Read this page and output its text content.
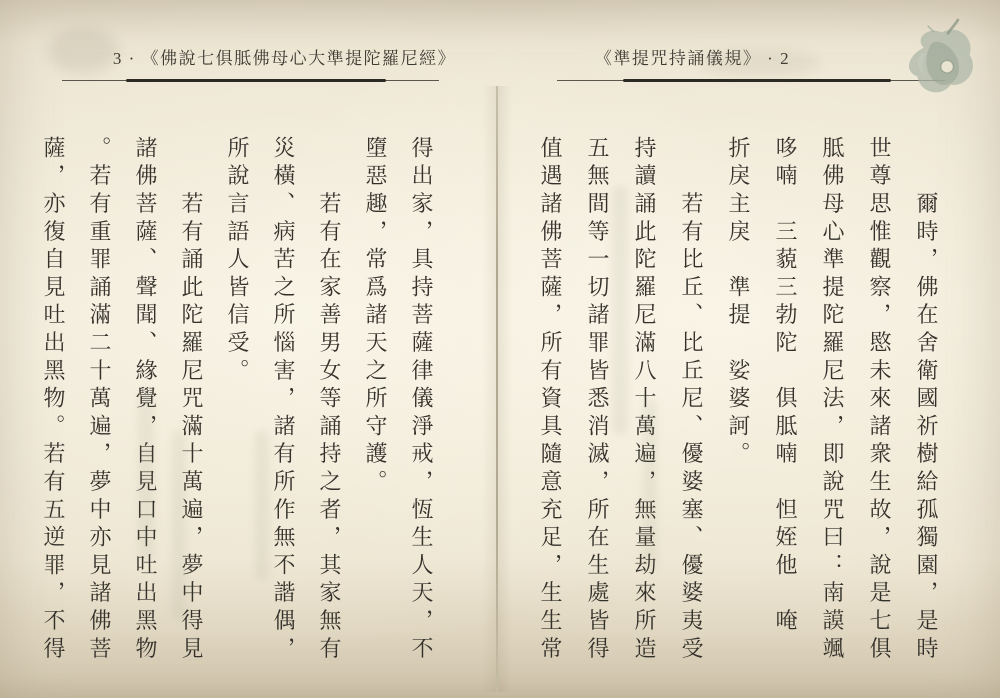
3 · 《佛說七俱胝佛母心大準提陀羅尼經》
得出家，具持菩薩律儀淨戒，恆生人天，不
墮惡趣，常爲諸天之所守護。
　　若有在家善男女等誦持之者，其家無有
災橫、病苦之所惱害，諸有所作無不諧偶，
所說言語人皆信受。
　　若有誦此陀羅尼咒滿十萬遍，夢中得見
諸佛菩薩、聲聞、緣覺，自見口中吐出黑物
。若有重罪誦滿二十萬遍，夢中亦見諸佛菩
薩，亦復自見吐出黑物。若有五逆罪，不得
《準提咒持誦儀規》 · 2
　　爾時，佛在舍衛國祈樹給孤獨園，是時
世尊思惟觀察，愍未來諸衆生故，說是七俱
胝佛母心準提陀羅尼法，即說咒曰：南謨颯
哆喃　三藐三勃陀　俱胝喃　怛姪他　唵
折戾主戾　準提　娑婆訶。
　　若有比丘、比丘尼、優婆塞、優婆夷受
持讀誦此陀羅尼滿八十萬遍，無量劫來所造
五無間等一切諸罪皆悉消滅，所在生處皆得
值遇諸佛菩薩，所有資具隨意充足，生生常
